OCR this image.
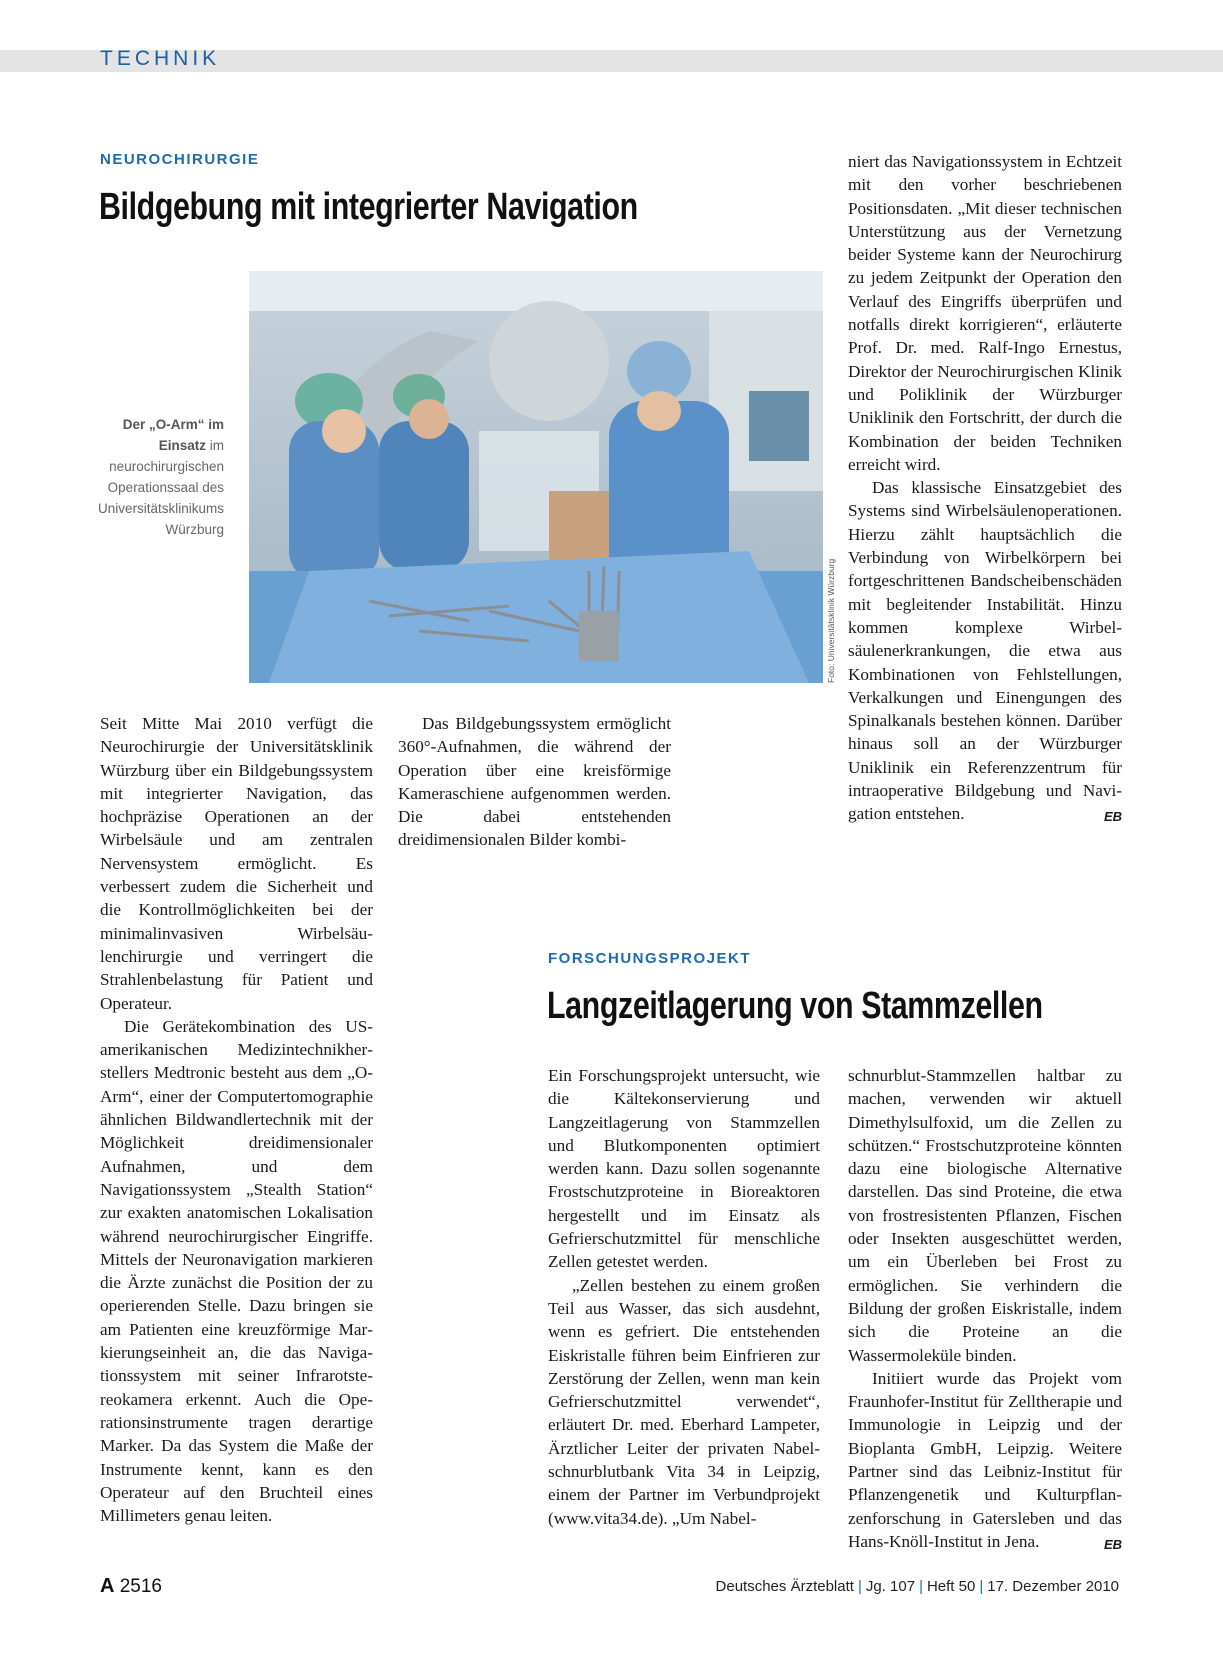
TECHNIK
NEUROCHIRURGIE
Bildgebung mit integrierter Navigation
Der „O-Arm“ im Einsatz im neurochirurgischen Operationssaal des Universitätsklinikums Würzburg
Foto: Universitätsklinik Würzburg

Seit Mitte Mai 2010 verfügt die Neurochirurgie der Universitätsklinik Würzburg über ein Bildgebungssystem mit integrierter Navigation, das hochpräzise Operationen an der Wirbelsäule und am zentralen Nervensystem ermöglicht. Es verbessert zudem die Sicherheit und die Kontrollmöglichkeiten bei der minimalinvasiven Wirbelsäulenchirurgie und verringert die Strahlenbelastung für Patient und Operateur.

Die Gerätekombination des US-amerikanischen Medizintechnikherstellers Medtronic besteht aus dem „O-Arm“, einer der Computertomographie ähnlichen Bildwandlertechnik mit der Möglichkeit dreidimensionaler Aufnahmen, und dem Navigationssystem „Stealth Station“ zur exakten anatomischen Lokalisation während neurochirurgischer Eingriffe. Mittels der Neuronavigation markieren die Ärzte zunächst die Position der zu operierenden Stelle. Dazu bringen sie am Patienten eine kreuzförmige Markierungseinheit an, die das Navigationssystem mit seiner Infrarotstereokamera erkennt. Auch die Operationsinstrumente tragen derartige Marker. Da das System die Maße der Instrumente kennt, kann es den Operateur auf den Bruchteil eines Millimeters genau leiten.

Das Bildgebungssystem ermöglicht 360°-Aufnahmen, die während der Operation über eine kreisförmige Kameraschiene aufgenommen werden. Die dabei entstehenden dreidimensionalen Bilder kombi-

niert das Navigationssystem in Echtzeit mit den vorher beschriebenen Positionsdaten. „Mit dieser technischen Unterstützung aus der Vernetzung beider Systeme kann der Neurochirurg zu jedem Zeitpunkt der Operation den Verlauf des Eingriffs überprüfen und notfalls direkt korrigieren“, erläuterte Prof. Dr. med. Ralf-Ingo Ernestus, Direktor der Neurochirurgischen Klinik und Poliklinik der Würzburger Uniklinik den Fortschritt, der durch die Kombination der beiden Techniken erreicht wird.

Das klassische Einsatzgebiet des Systems sind Wirbelsäulenoperationen. Hierzu zählt hauptsächlich die Verbindung von Wirbelkörpern bei fortgeschrittenen Bandscheibenschäden mit begleitender Instabilität. Hinzu kommen komplexe Wirbelsäulenerkrankungen, die etwa aus Kombinationen von Fehlstellungen, Verkalkungen und Einengungen des Spinalkanals bestehen können. Darüber hinaus soll an der Würzburger Uniklinik ein Referenzzentrum für intraoperative Bildgebung und Navigation entstehen.	EB

FORSCHUNGSPROJEKT
Langzeitlagerung von Stammzellen

Ein Forschungsprojekt untersucht, wie die Kältekonservierung und Langzeitlagerung von Stammzellen und Blutkomponenten optimiert werden kann. Dazu sollen sogenannte Frostschutzproteine in Bioreaktoren hergestellt und im Einsatz als Gefrierschutzmittel für menschliche Zellen getestet werden.

„Zellen bestehen zu einem großen Teil aus Wasser, das sich ausdehnt, wenn es gefriert. Die entstehenden Eiskristalle führen beim Einfrieren zur Zerstörung der Zellen, wenn man kein Gefrierschutzmittel verwendet“, erläutert Dr. med. Eberhard Lampeter, Ärztlicher Leiter der privaten Nabelschnurblutbank Vita 34 in Leipzig, einem der Partner im Verbundprojekt (www.vita34.de). „Um Nabel-

schnurblut-Stammzellen haltbar zu machen, verwenden wir aktuell Dimethylsulfoxid, um die Zellen zu schützen.“ Frostschutzproteine könnten dazu eine biologische Alternative darstellen. Das sind Proteine, die etwa von frostresistenten Pflanzen, Fischen oder Insekten ausgeschüttet werden, um ein Überleben bei Frost zu ermöglichen. Sie verhindern die Bildung der großen Eiskristalle, indem sich die Proteine an die Wassermoleküle binden.

Initiiert wurde das Projekt vom Fraunhofer-Institut für Zelltherapie und Immunologie in Leipzig und der Bioplanta GmbH, Leipzig. Weitere Partner sind das Leibniz-Institut für Pflanzengenetik und Kulturpflanzenforschung in Gatersleben und das Hans-Knöll-Institut in Jena.	EB

A 2516	Deutsches Ärzteblatt | Jg. 107 | Heft 50 | 17. Dezember 2010
